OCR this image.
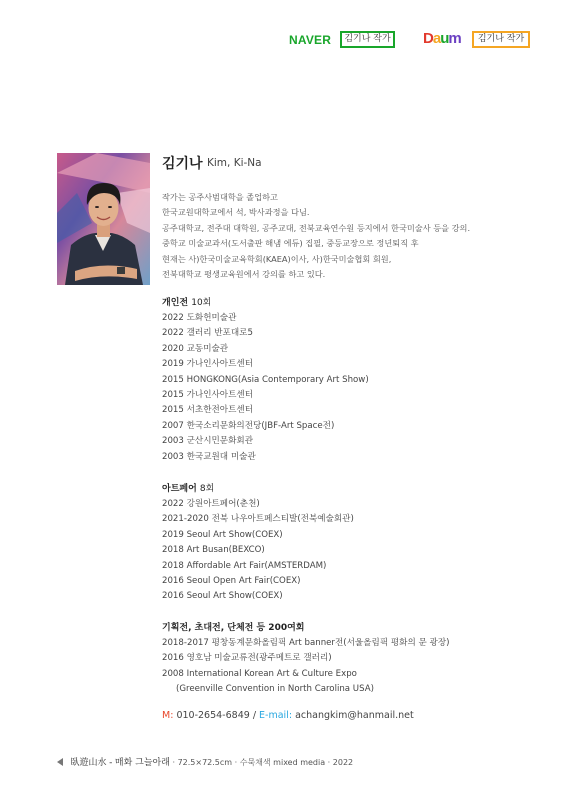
NAVER	김기나 작가 Daum	김기나 작가
김기나 Kim, Ki-Na
작가는 공주사범대학을 졸업하고
한국교원대학교에서 석, 박사과정을 다님.
공주대학교, 전주대 대학원, 공주교대, 전북교육연수원 등지에서 한국미술사 등을 강의.
중학교 미술교과서(도서출판 해냄 에듀) 집필, 중등교장으로 정년퇴직 후
현재는 사)한국미술교육학회(KAEA)이사, 사)한국미술협회 회원,
전북대학교 평생교육원에서 강의를 하고 있다.
개인전 10회
2022 도화헌미술관
2022 갤러리 반포대로5
2020 교동미술관
2019 가나인사아트센터
2015 HONGKONG(Asia Contemporary Art Show)
2015 가나인사아트센터
2015 서초한전아트센터
2007 한국소리문화의전당(JBF-Art Space전)
2003 군산시민문화회관
2003 한국교원대 미술관
아트페어 8회
2022 강원아트페어(춘천)
2021-2020 전북 나우아트페스티발(전북예술회관)
2019 Seoul Art Show(COEX)
2018 Art Busan(BEXCO)
2018 Affordable Art Fair(AMSTERDAM)
2016 Seoul Open Art Fair(COEX)
2016 Seoul Art Show(COEX)
기획전, 초대전, 단체전 등 200여회
2018-2017 평창동계문화올림픽 Art banner전(서울올림픽 평화의 문 광장)
2016 영호남 미술교류전(광주메트로 갤러리)
2008 International Korean Art & Culture Expo
(Greenville Convention in North Carolina USA)
M: 010-2654-6849 / E-mail: achangkim@hanmail.net
臥遊山水 - 매화 그늘아래 · 72.5×72.5cm · 수묵채색 mixed media · 2022
